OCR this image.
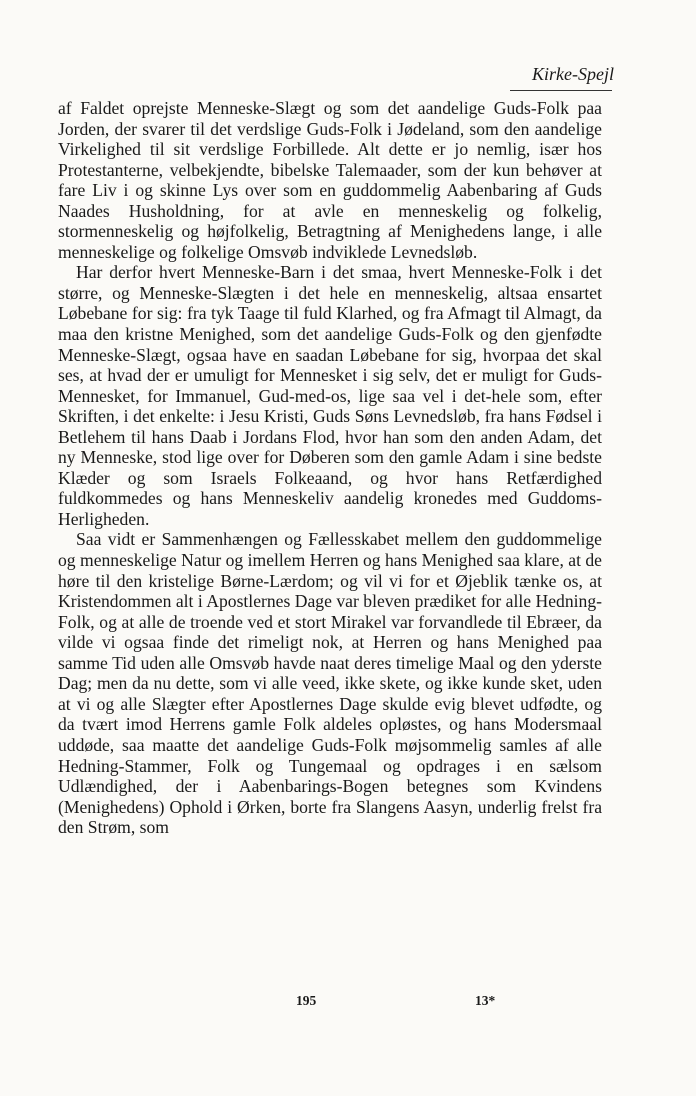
Kirke-Spejl

af Faldet oprejste Menneske-Slægt og som det aandelige Guds-Folk paa Jorden, der svarer til det verdslige Guds-Folk i Jødeland, som den aandelige Virkelighed til sit verdslige Forbillede. Alt dette er jo nemlig, især hos Protestanterne, velbekjendte, bibelske Talemaader, som der kun behøver at fare Liv i og skinne Lys over som en guddommelig Aabenbaring af Guds Naades Husholdning, for at avle en menneskelig og folkelig, stormenneskelig og højfolkelig, Betragtning af Menighedens lange, i alle menneskelige og folkelige Omsvøb indviklede Levnedsløb.

Har derfor hvert Menneske-Barn i det smaa, hvert Menneske-Folk i det større, og Menneske-Slægten i det hele en menneskelig, altsaa ensartet Løbebane for sig: fra tyk Taage til fuld Klarhed, og fra Afmagt til Almagt, da maa den kristne Menighed, som det aandelige Guds-Folk og den gjenfødte Menneske-Slægt, ogsaa have en saadan Løbebane for sig, hvorpaa det skal ses, at hvad der er umuligt for Mennesket i sig selv, det er muligt for Guds-Mennesket, for Immanuel, Gud-med-os, lige saa vel i det-hele som, efter Skriften, i det enkelte: i Jesu Kristi, Guds Søns Levnedsløb, fra hans Fødsel i Betlehem til hans Daab i Jordans Flod, hvor han som den anden Adam, det ny Menneske, stod lige over for Døberen som den gamle Adam i sine bedste Klæder og som Israels Folkeaand, og hvor hans Retfærdighed fuldkommedes og hans Menneskeliv aandelig kronedes med Guddoms-Herligheden.

Saa vidt er Sammenhængen og Fællesskabet mellem den guddommelige og menneskelige Natur og imellem Herren og hans Menighed saa klare, at de høre til den kristelige Børne-Lærdom; og vil vi for et Øjeblik tænke os, at Kristendommen alt i Apostlernes Dage var bleven prædiket for alle Hedning-Folk, og at alle de troende ved et stort Mirakel var forvandlede til Ebræer, da vilde vi ogsaa finde det rimeligt nok, at Herren og hans Menighed paa samme Tid uden alle Omsvøb havde naat deres timelige Maal og den yderste Dag; men da nu dette, som vi alle veed, ikke skete, og ikke kunde sket, uden at vi og alle Slægter efter Apostlernes Dage skulde evig blevet udfødte, og da tvært imod Herrens gamle Folk aldeles opløstes, og hans Modersmaal uddøde, saa maatte det aandelige Guds-Folk møjsommelig samles af alle Hedning-Stammer, Folk og Tungemaal og opdrages i en sælsom Udlændighed, der i Aabenbarings-Bogen betegnes som Kvindens (Menighedens) Ophold i Ørken, borte fra Slangens Aasyn, underlig frelst fra den Strøm, som

195	13*
